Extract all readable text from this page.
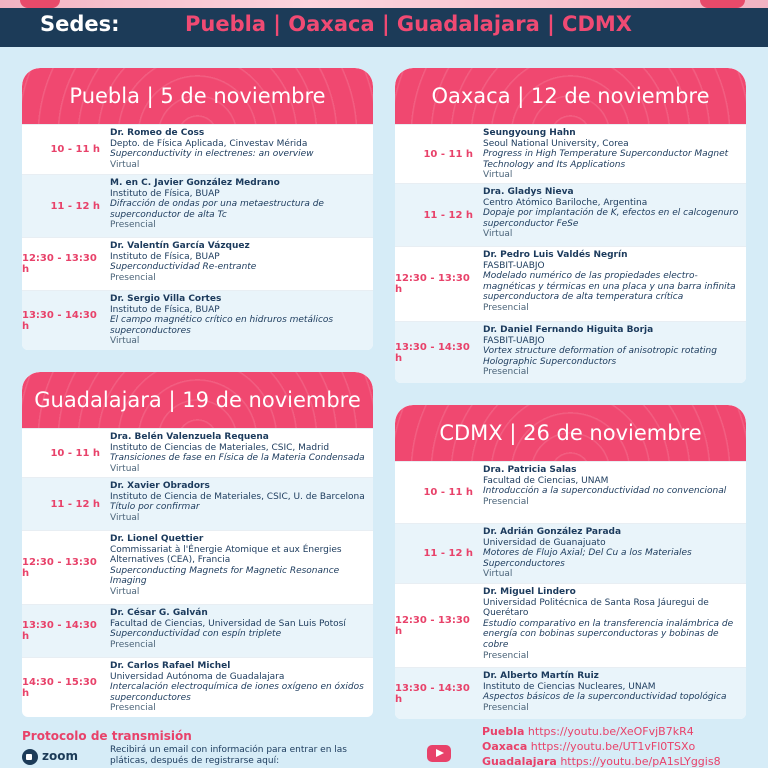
Sedes:	Puebla | Oaxaca | Guadalajara | CDMX
Puebla | 5 de noviembre
10 - 11 h
Dr. Romeo de Coss
Depto. de Física Aplicada, Cinvestav Mérida
Superconductivity in electrenes: an overview
Virtual
11 - 12 h
M. en C. Javier González Medrano
Instituto de Física, BUAP
Difracción de ondas por una metaestructura de superconductor de alta Tc
Presencial
12:30 - 13:30 h
Dr. Valentín García Vázquez
Instituto de Física, BUAP
Superconductividad Re-entrante
Presencial
13:30 - 14:30 h
Dr. Sergio Villa Cortes
Instituto de Física, BUAP
El campo magnético crítico en hidruros metálicos superconductores
Virtual
Oaxaca | 12 de noviembre
10 - 11 h
Seungyoung Hahn
Seoul National University, Corea
Progress in High Temperature Superconductor Magnet Technology and Its Applications
Virtual
11 - 12 h
Dra. Gladys Nieva
Centro Atómico Bariloche, Argentina
Dopaje por implantación de K, efectos en el calcogenuro superconductor FeSe
Virtual
12:30 - 13:30 h
Dr. Pedro Luis Valdés Negrín
FASBIT-UABJO
Modelado numérico de las propiedades electro-magnéticas y térmicas en una placa y una barra infinita superconductora de alta temperatura crítica
Presencial
13:30 - 14:30 h
Dr. Daniel Fernando Higuita Borja
FASBIT-UABJO
Vortex structure deformation of anisotropic rotating Holographic Superconductors
Presencial
Guadalajara | 19 de noviembre
10 - 11 h
Dra. Belén Valenzuela Requena
Instituto de Ciencias de Materiales, CSIC, Madrid
Transiciones de fase en Física de la Materia Condensada
Virtual
11 - 12 h
Dr. Xavier Obradors
Instituto de Ciencia de Materiales, CSIC, U. de Barcelona
Título por confirmar
Virtual
12:30 - 13:30 h
Dr. Lionel Quettier
Commissariat à l'Énergie Atomique et aux Énergies Alternatives (CEA), Francia
Superconducting Magnets for Magnetic Resonance Imaging
Virtual
13:30 - 14:30 h
Dr. César G. Galván
Facultad de Ciencias, Universidad de San Luis Potosí
Superconductividad con espín triplete
Presencial
14:30 - 15:30 h
Dr. Carlos Rafael Michel
Universidad Autónoma de Guadalajara
Intercalación electroquímica de iones oxígeno en óxidos superconductores
Presencial
CDMX | 26 de noviembre
10 - 11 h
Dra. Patricia Salas
Facultad de Ciencias, UNAM
Introducción a la superconductividad no convencional
Presencial
11 - 12 h
Dr. Adrián González Parada
Universidad de Guanajuato
Motores de Flujo Axial; Del Cu a los Materiales Superconductores
Virtual
12:30 - 13:30 h
Dr. Miguel Lindero
Universidad Politécnica de Santa Rosa Jáuregui de Querétaro
Estudio comparativo en la transferencia inalámbrica de energía con bobinas superconductoras y bobinas de cobre
Presencial
13:30 - 14:30 h
Dr. Alberto Martín Ruiz
Instituto de Ciencias Nucleares, UNAM
Aspectos básicos de la superconductividad topológica
Presencial
Protocolo de transmisión
zoom	Recibirá un email con información para entrar en las pláticas, después de registrarse aquí:
Puebla https://youtu.be/XeOFvjB7kR4
Oaxaca https://youtu.be/UT1vFl0TSXo
Guadalajara https://youtu.be/pA1sLYggis8
